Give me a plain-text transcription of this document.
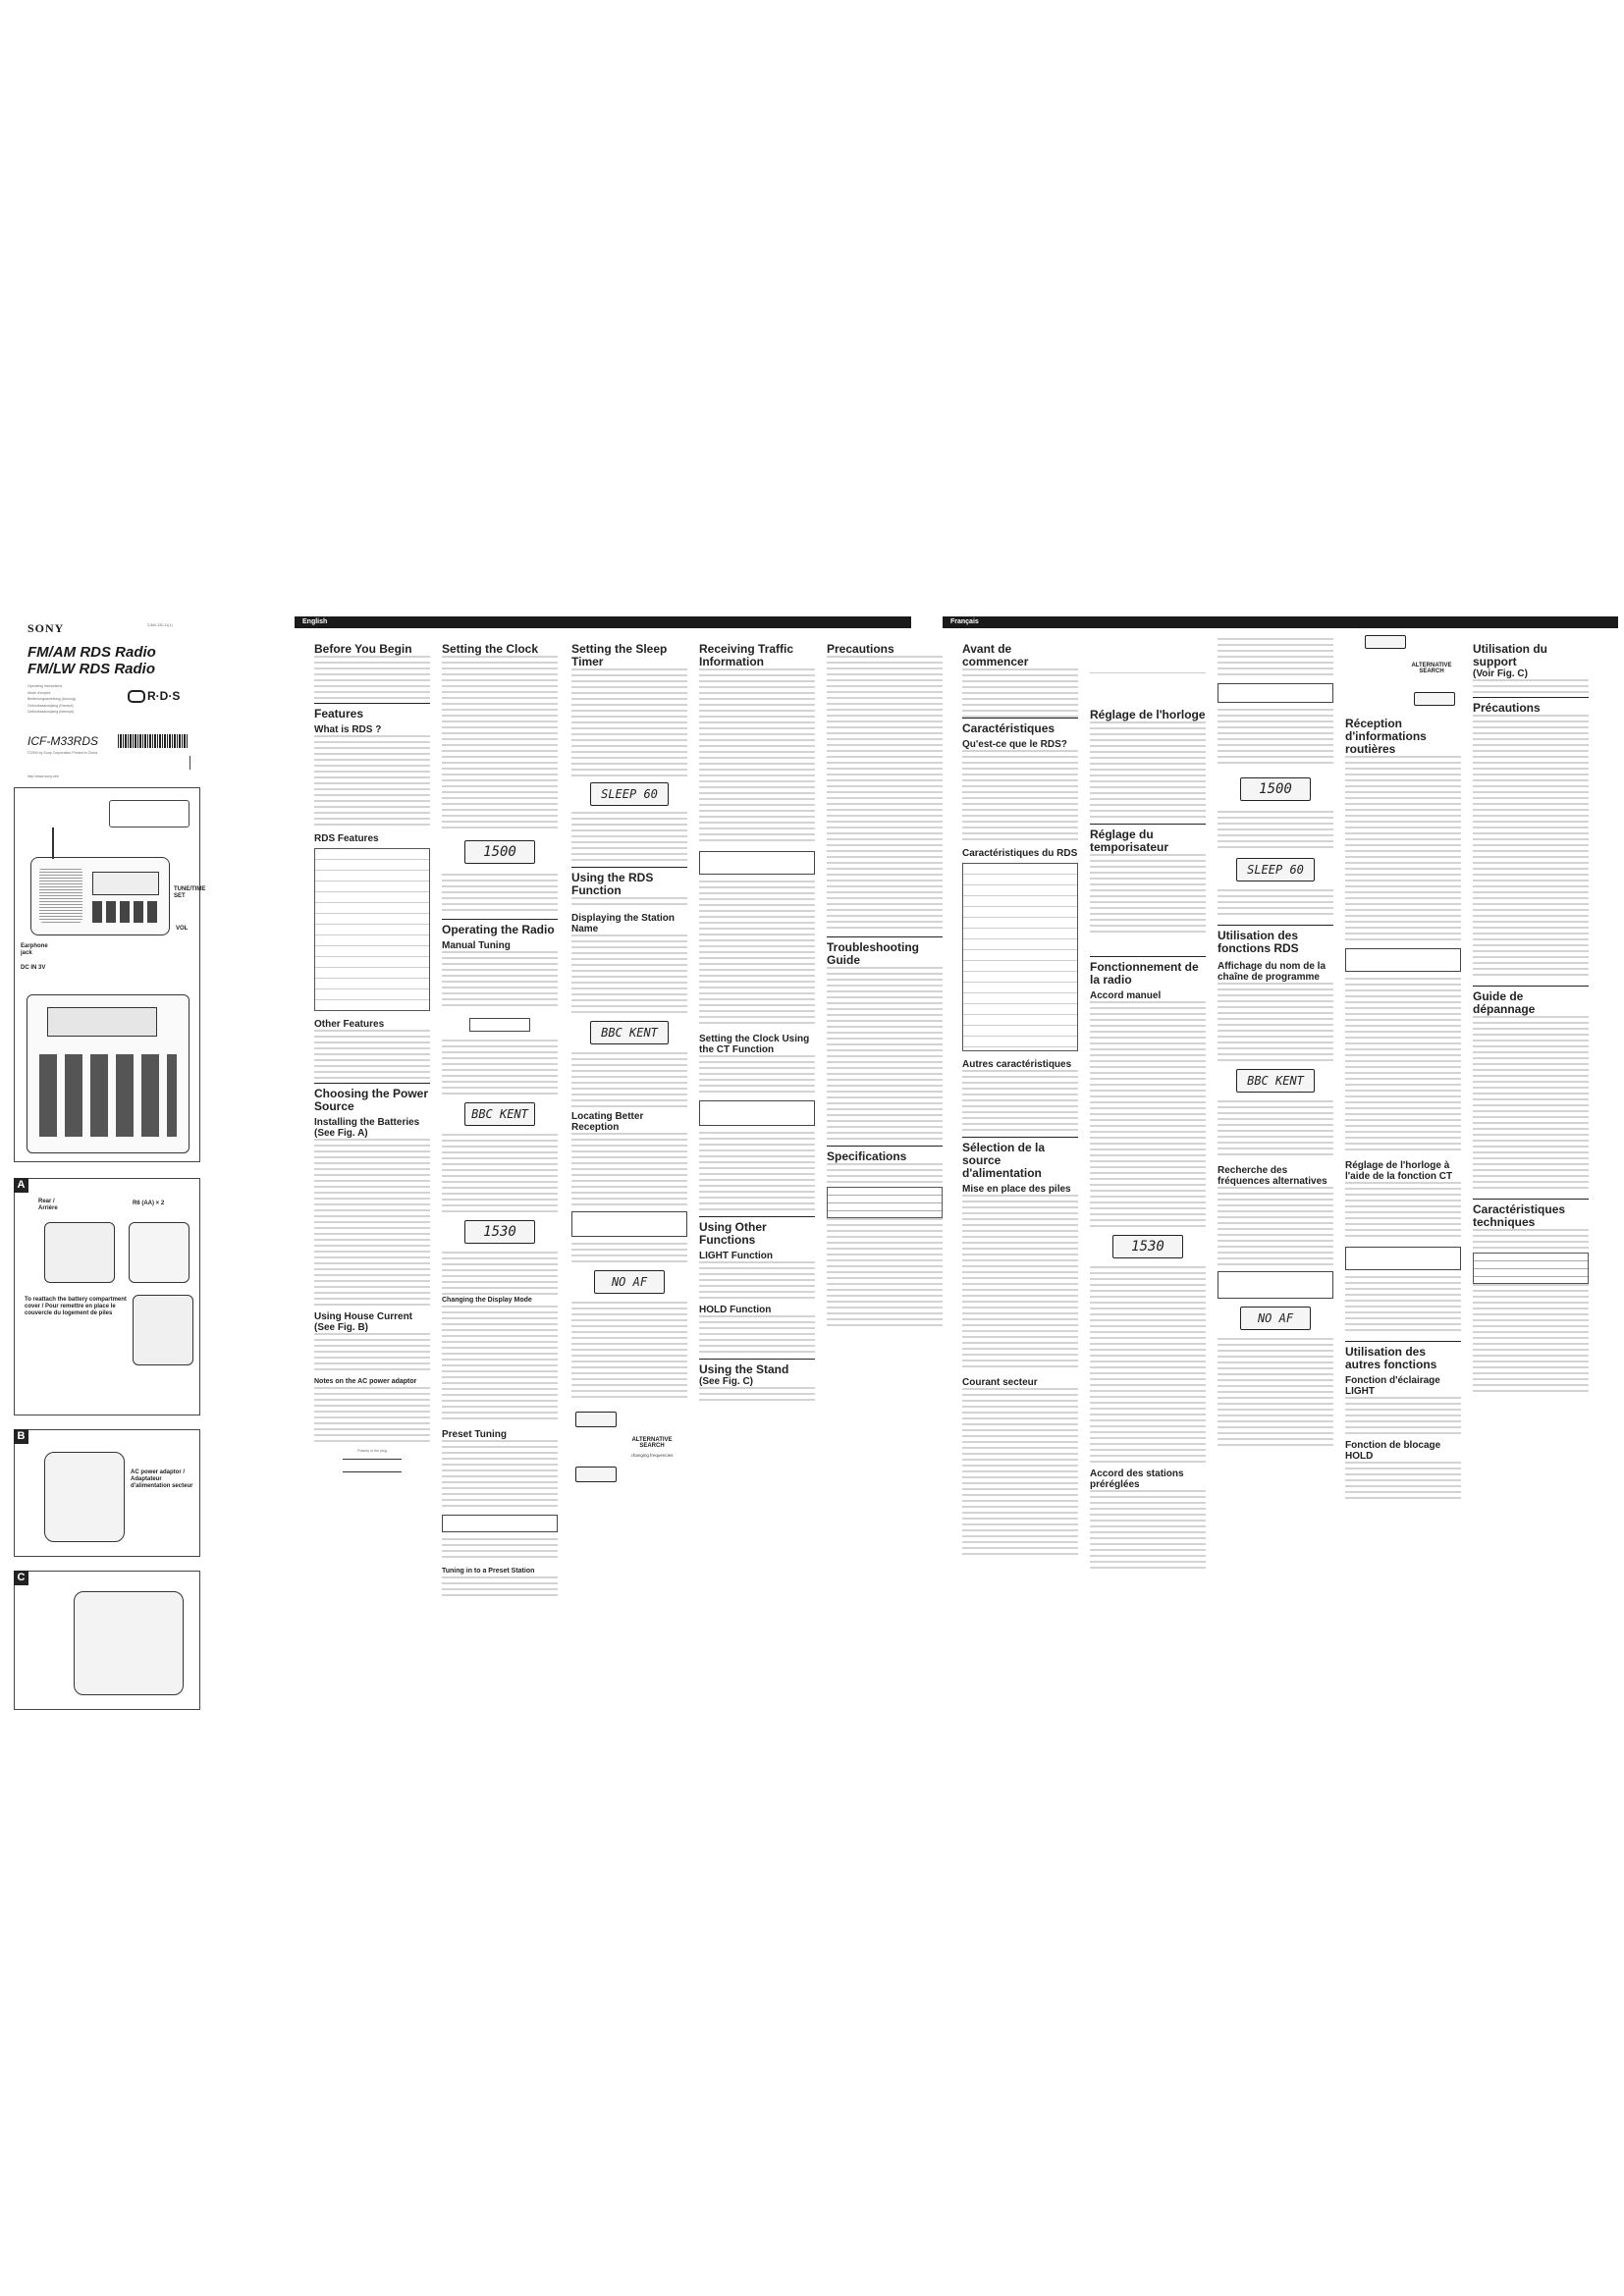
SONY	3-860-330-11(1)
FM/AM RDS Radio
FM/LW RDS Radio
Operating Instructions
Mode d'emploi
Bedienungsanleitung (Auszug)
Gebruiksaanwijzing (Excerpt)
Gebruiksaanwijzing (beknopt)
R·D·S
ICF-M33RDS
©2000 by Sony Corporation Printed in China
http://www.sony.net/
Earphone jack
DC IN 3V
TUNE/TIME SET
VOL
A
Rear / Arrière
R6 (AA) × 2
To reattach the battery compartment cover / Pour remettre en place le couvercle du logement de piles
B
AC power adaptor / Adaptateur d'alimentation secteur
C
English
Before You Begin
Features
What is RDS ?
RDS Features
Other Features
Choosing the Power Source
Installing the Batteries
(See Fig. A)
Using House Current
(See Fig. B)
Notes on the AC power adaptor
Polarity of the plug
Setting the Clock
1500
Operating the Radio
Manual Tuning
BBC KENT
1530
Changing the Display Mode
Preset Tuning
Tuning in to a Preset Station
Setting the Sleep Timer
SLEEP 60
Using the RDS Function
Displaying the Station Name
BBC KENT
Locating Better Reception
NO AF
ALTERNATIVE SEARCH
changing frequencies
Receiving Traffic Information
Setting the Clock Using the CT Function
Using Other Functions
LIGHT Function
HOLD Function
Using the Stand
(See Fig. C)
Precautions
Troubleshooting Guide
Specifications
Français
Avant de commencer
Caractéristiques
Qu'est-ce que le RDS?
Caractéristiques du RDS
Autres caractéristiques
Sélection de la source d'alimentation
Mise en place des piles
Courant secteur
Réglage de l'horloge
Réglage du temporisateur
Fonctionnement de la radio
Accord manuel
1530
Accord des stations préréglées
1500
SLEEP 60
Utilisation des fonctions RDS
Affichage du nom de la chaîne de programme
BBC KENT
Recherche des fréquences alternatives
NO AF
ALTERNATIVE SEARCH
Réception d'informations routières
Réglage de l'horloge à l'aide de la fonction CT
Utilisation des autres fonctions
Fonction d'éclairage LIGHT
Fonction de blocage HOLD
Utilisation du support
(Voir Fig. C)
Précautions
Guide de dépannage
Caractéristiques techniques
